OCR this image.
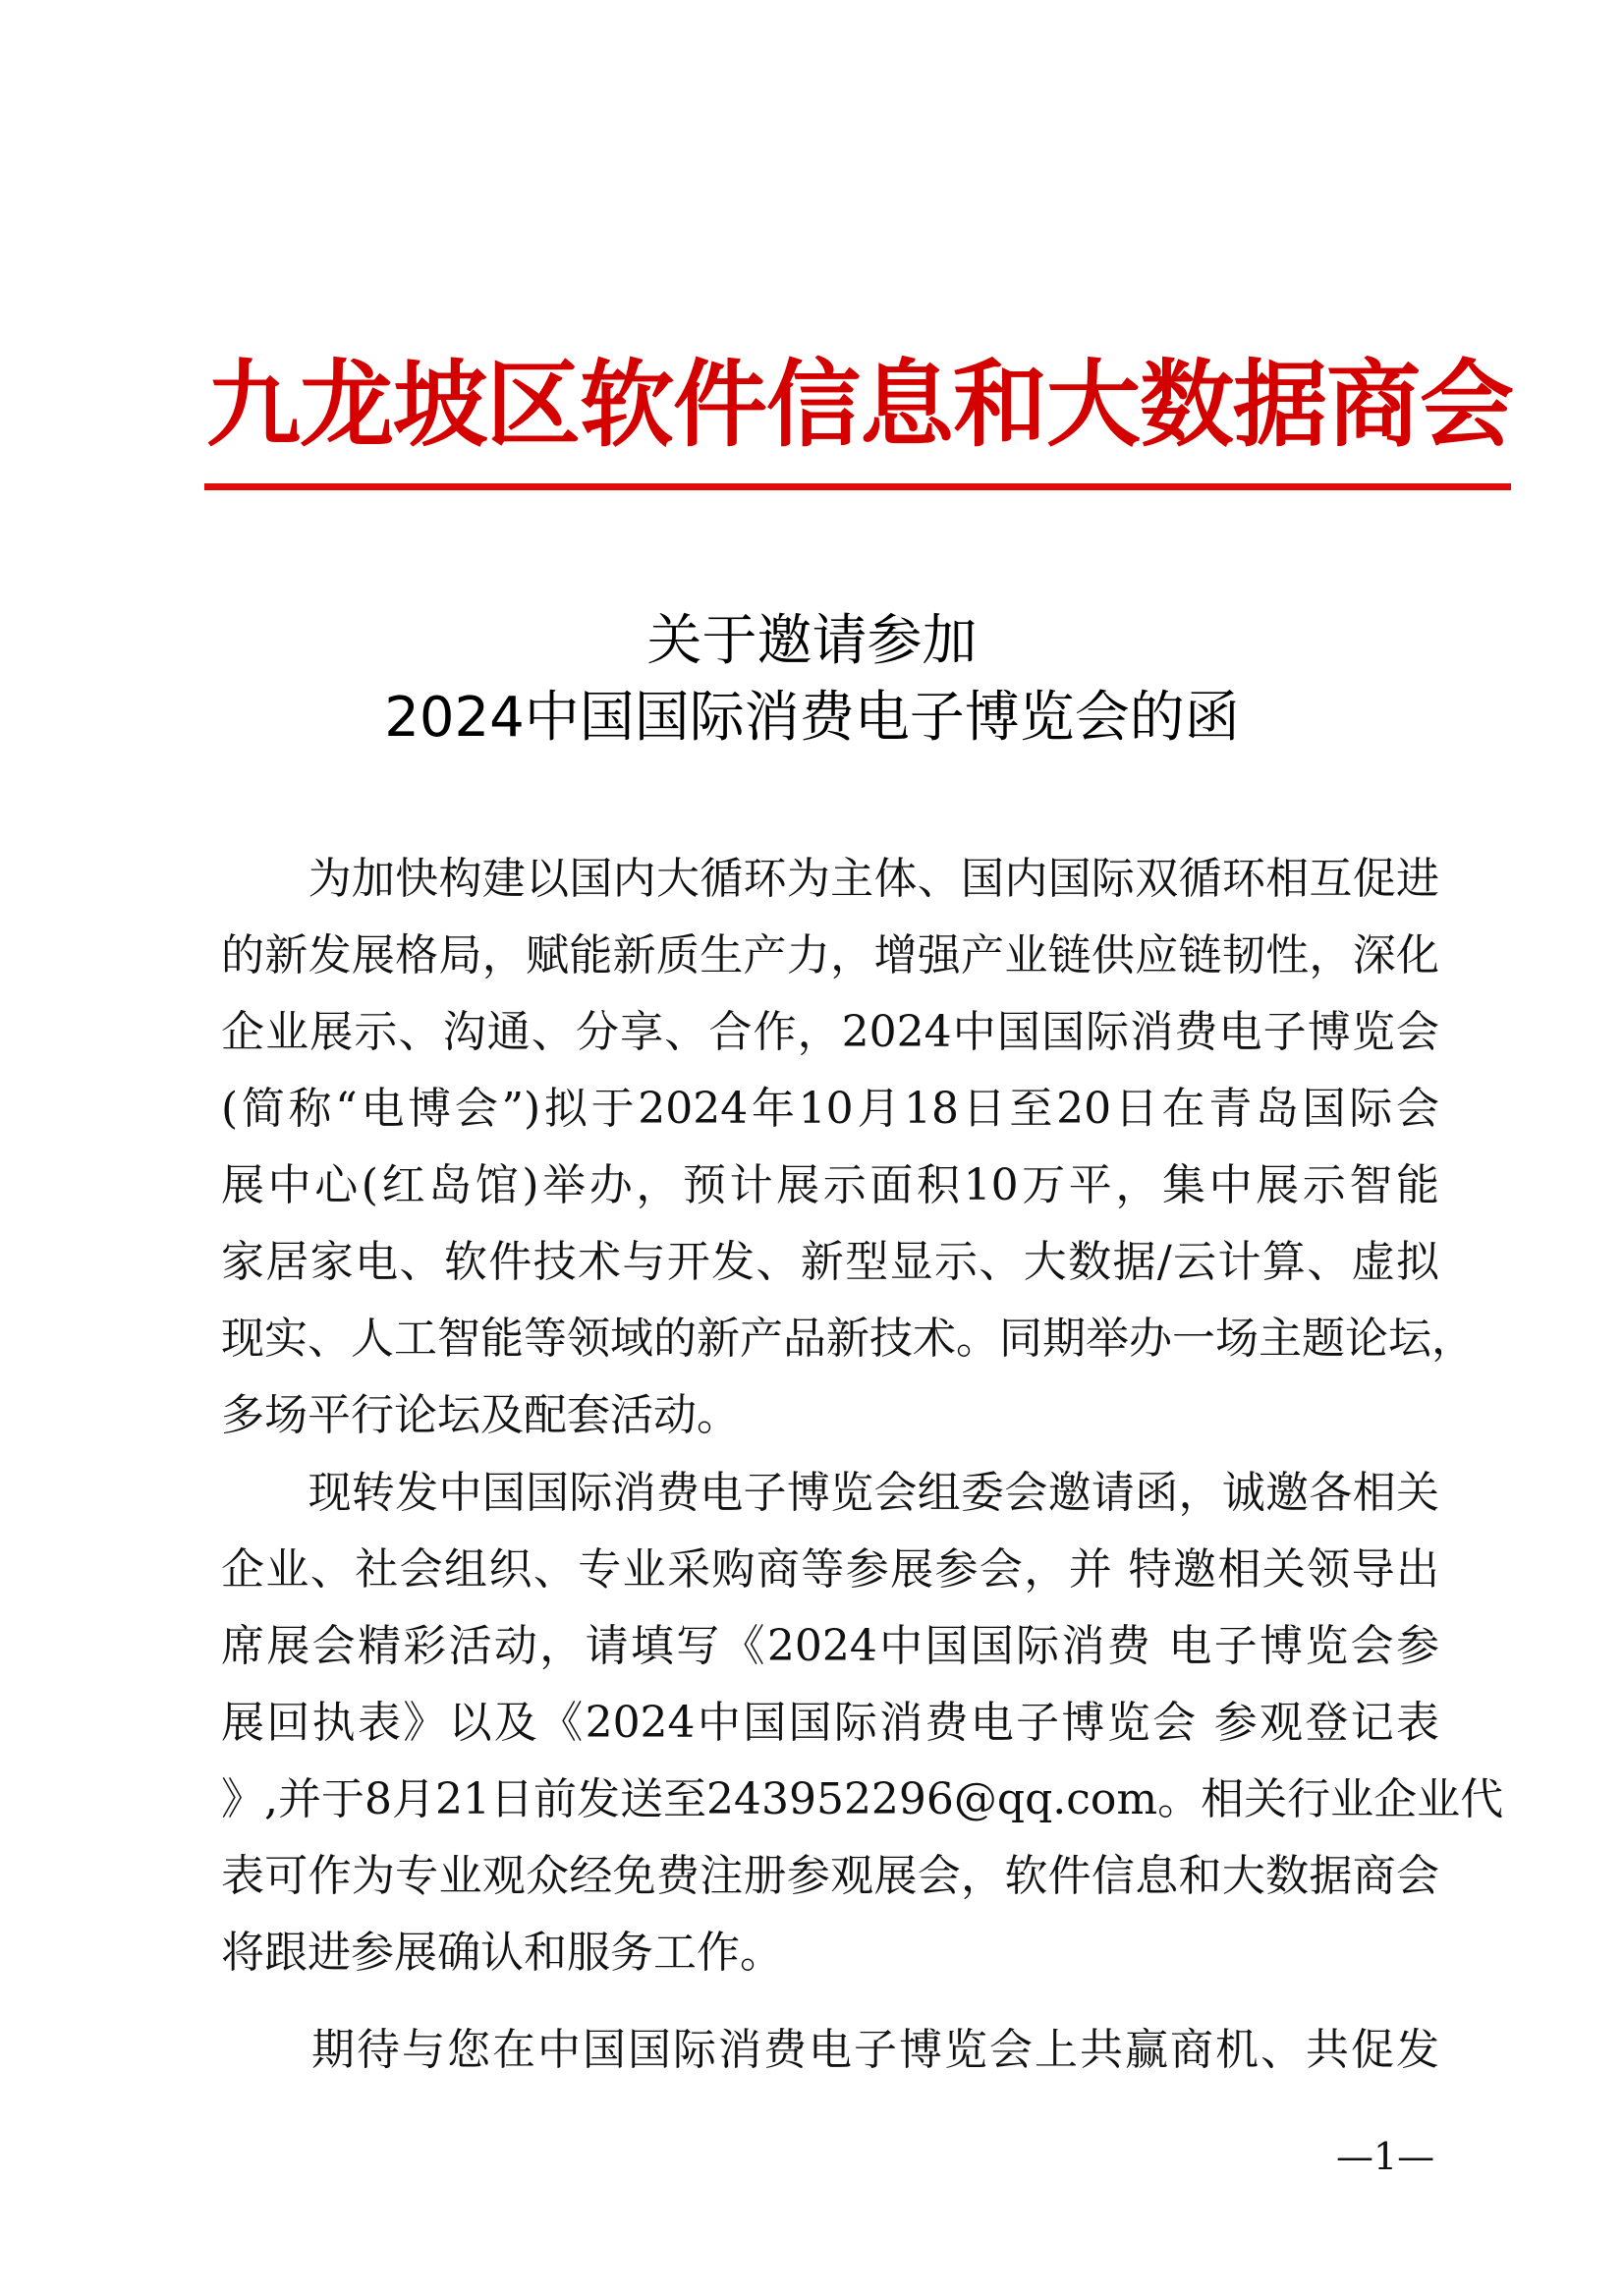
九龙坡区软件信息和大数据商会
关于邀请参加
2024中国国际消费电子博览会的函
　　为加快构建以国内大循环为主体、国内国际双循环相互促进
的新发展格局，赋能新质生产力，增强产业链供应链韧性，深化
企业展示、沟通、分享、合作，2024中国国际消费电子博览会
(简称“电博会”)拟于2024年10月18日至20日在青岛国际会
展中心(红岛馆)举办，预计展示面积10万平，集中展示智能
家居家电、软件技术与开发、新型显示、大数据/云计算、虚拟
现实、人工智能等领域的新产品新技术。同期举办一场主题论坛，
多场平行论坛及配套活动。
　　现转发中国国际消费电子博览会组委会邀请函，诚邀各相关
企业、社会组织、专业采购商等参展参会，并 特邀相关领导出
席展会精彩活动，请填写《2024中国国际消费 电子博览会参
展回执表》以及《2024中国国际消费电子博览会 参观登记表
》,并于8月21日前发送至243952296@qq.com。相关行业企业代
表可作为专业观众经免费注册参观展会，软件信息和大数据商会
将跟进参展确认和服务工作。
　　期待与您在中国国际消费电子博览会上共赢商机、共促发
—1—
